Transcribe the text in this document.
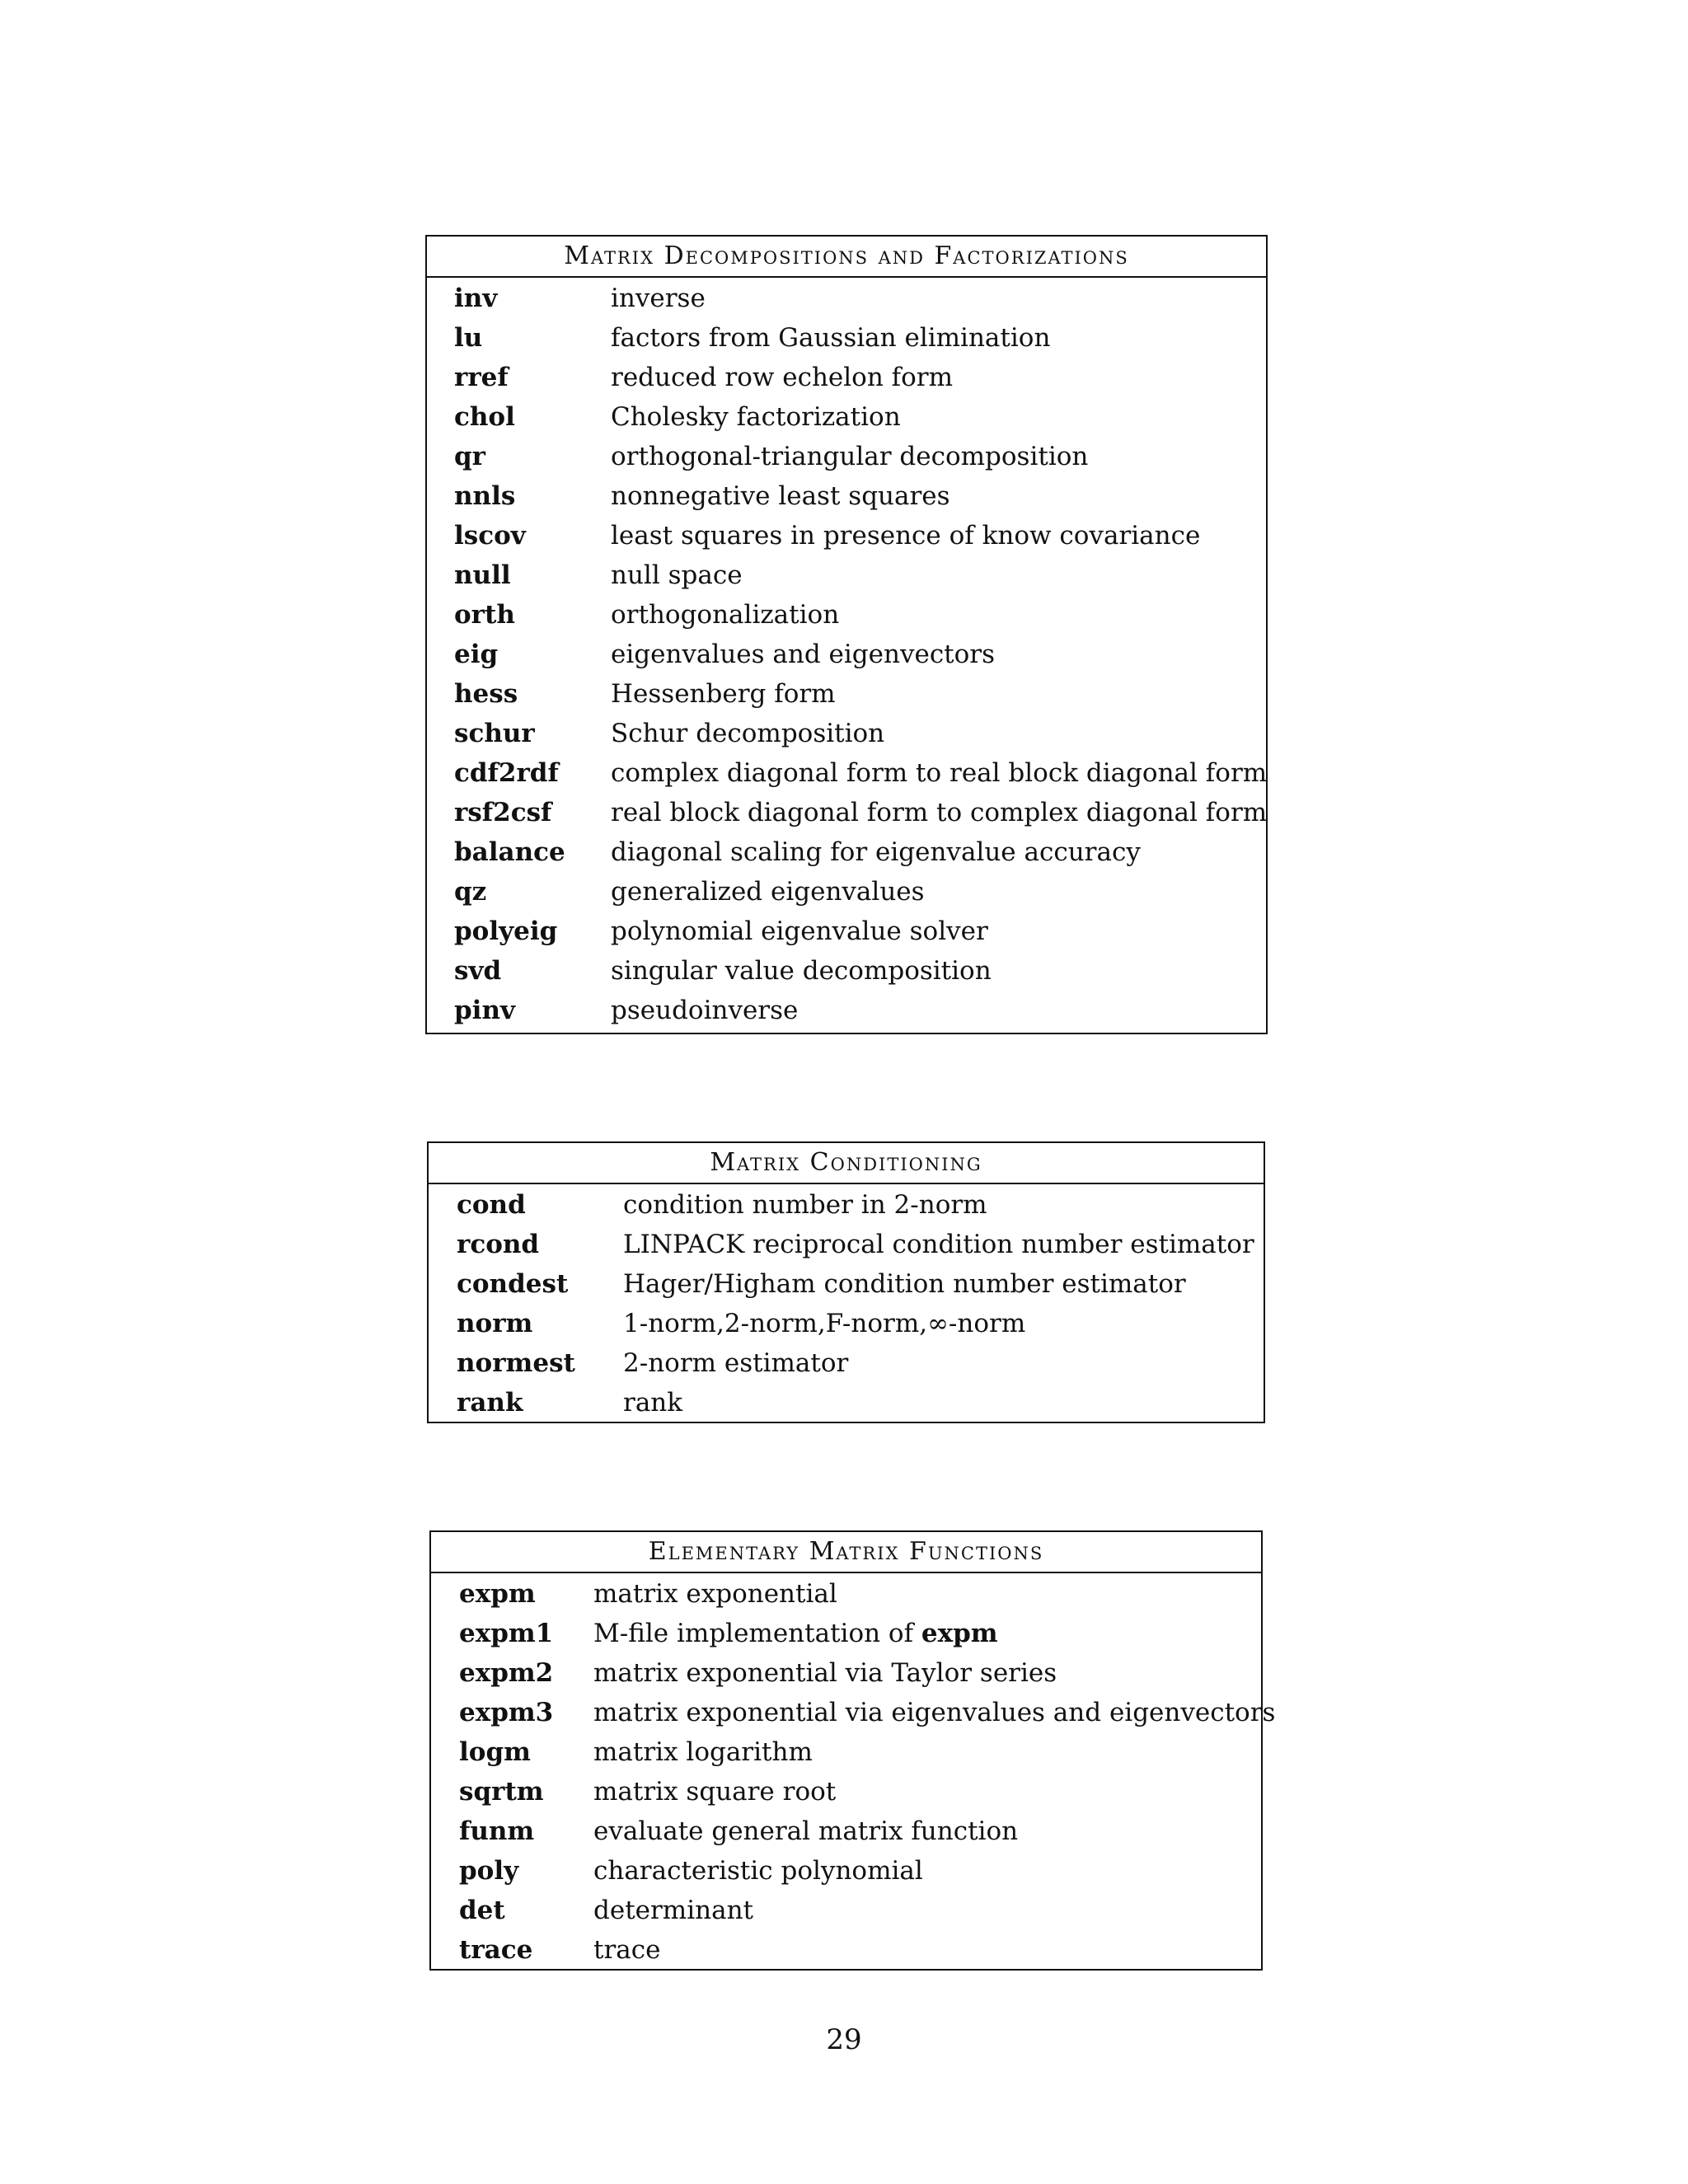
Matrix Decompositions and Factorizations
inv	inverse
lu	factors from Gaussian elimination
rref	reduced row echelon form
chol	Cholesky factorization
qr	orthogonal-triangular decomposition
nnls	nonnegative least squares
lscov	least squares in presence of know covariance
null	null space
orth	orthogonalization
eig	eigenvalues and eigenvectors
hess	Hessenberg form
schur	Schur decomposition
cdf2rdf complex diagonal form to real block diagonal form
rsf2csf real block diagonal form to complex diagonal form
balance diagonal scaling for eigenvalue accuracy
qz	generalized eigenvalues
polyeig polynomial eigenvalue solver
svd	singular value decomposition
pinv	pseudoinverse
Matrix Conditioning
cond	condition number in 2-norm
rcond	LINPACK reciprocal condition number estimator
condest Hager/Higham condition number estimator
norm	1-norm,2-norm,F-norm,∞-norm
normest 2-norm estimator
rank	rank
Elementary Matrix Functions
expm matrix exponential
expm1 M-file implementation of expm
expm2 matrix exponential via Taylor series
expm3 matrix exponential via eigenvalues and eigenvectors
logm matrix logarithm
sqrtm matrix square root
funm evaluate general matrix function
poly	characteristic polynomial
det	determinant
trace trace
29
